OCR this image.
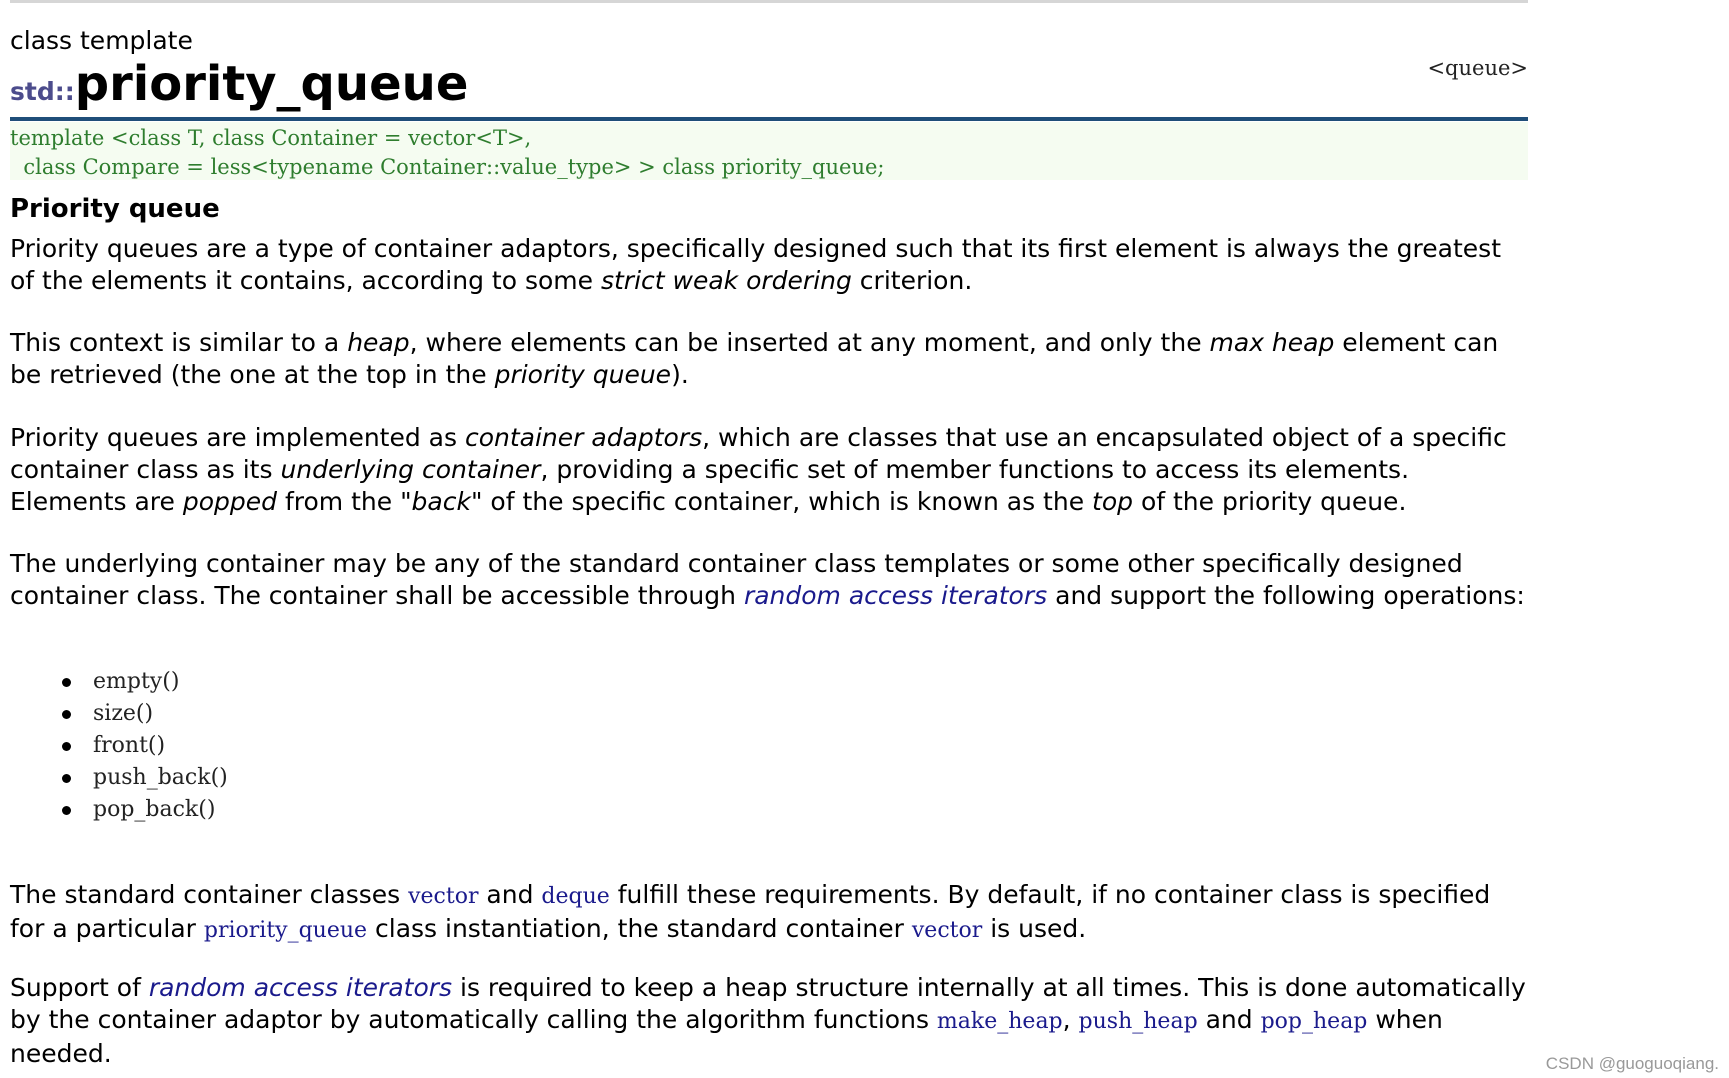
class template
std::priority_queue	<queue>
template <class T, class Container = vector<T>,
class Compare = less<typename Container::value_type> > class priority_queue;
Priority queue
Priority queues are a type of container adaptors, specifically designed such that its first element is always the greatest of the elements it contains, according to some strict weak ordering criterion.
This context is similar to a heap, where elements can be inserted at any moment, and only the max heap element can be retrieved (the one at the top in the priority queue).
Priority queues are implemented as container adaptors, which are classes that use an encapsulated object of a specific container class as its underlying container, providing a specific set of member functions to access its elements. Elements are popped from the "back" of the specific container, which is known as the top of the priority queue.
The underlying container may be any of the standard container class templates or some other specifically designed container class. The container shall be accessible through random access iterators and support the following operations:
empty()
size()
front()
push_back()
pop_back()
The standard container classes vector and deque fulfill these requirements. By default, if no container class is specified for a particular priority_queue class instantiation, the standard container vector is used.
Support of random access iterators is required to keep a heap structure internally at all times. This is done automatically by the container adaptor by automatically calling the algorithm functions make_heap, push_heap and pop_heap when needed.	CSDN @guoguoqiang.
